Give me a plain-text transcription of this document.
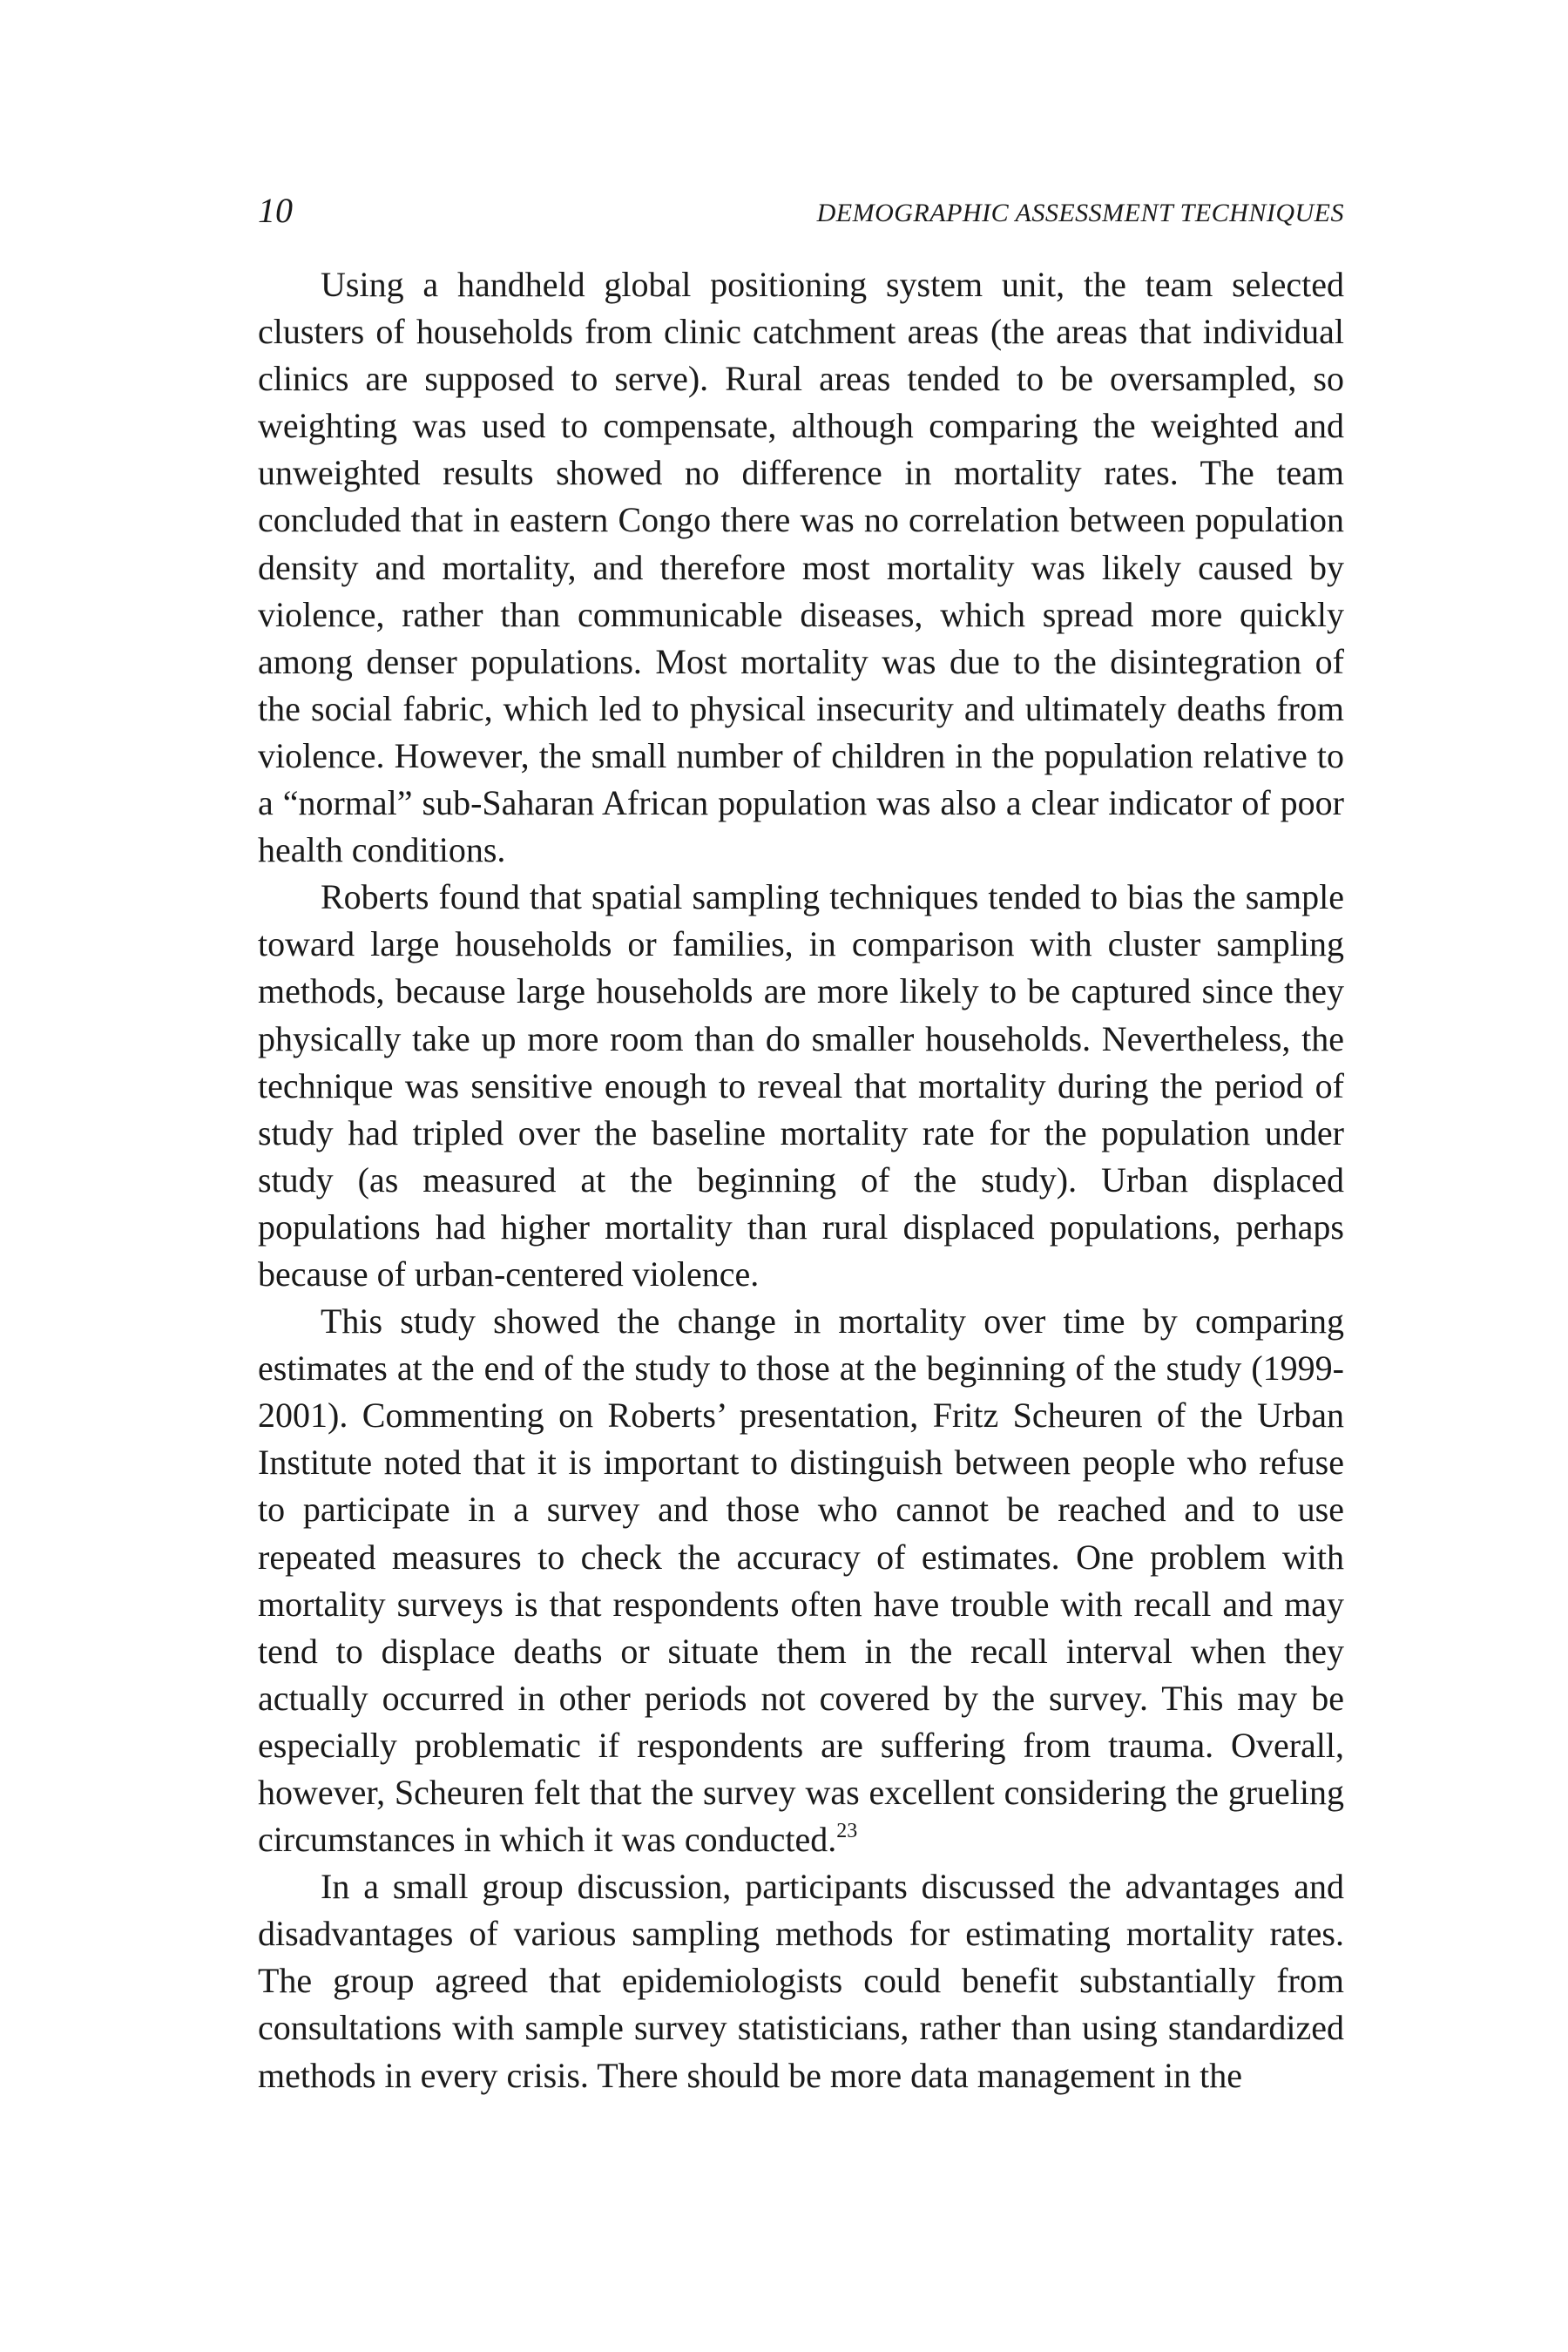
10	DEMOGRAPHIC ASSESSMENT TECHNIQUES

Using a handheld global positioning system unit, the team selected clusters of households from clinic catchment areas (the areas that individual clinics are supposed to serve). Rural areas tended to be oversampled, so weighting was used to compensate, although comparing the weighted and unweighted results showed no difference in mortality rates. The team concluded that in eastern Congo there was no correlation between population density and mortality, and therefore most mortality was likely caused by violence, rather than communicable diseases, which spread more quickly among denser populations. Most mortality was due to the disintegration of the social fabric, which led to physical insecurity and ultimately deaths from violence. However, the small number of children in the population relative to a “normal” sub-Saharan African population was also a clear indicator of poor health conditions.

Roberts found that spatial sampling techniques tended to bias the sample toward large households or families, in comparison with cluster sampling methods, because large households are more likely to be captured since they physically take up more room than do smaller households. Nevertheless, the technique was sensitive enough to reveal that mortality during the period of study had tripled over the baseline mortality rate for the population under study (as measured at the beginning of the study). Urban displaced populations had higher mortality than rural displaced populations, perhaps because of urban-centered violence.

This study showed the change in mortality over time by comparing estimates at the end of the study to those at the beginning of the study (1999-2001). Commenting on Roberts’ presentation, Fritz Scheuren of the Urban Institute noted that it is important to distinguish between people who refuse to participate in a survey and those who cannot be reached and to use repeated measures to check the accuracy of estimates. One problem with mortality surveys is that respondents often have trouble with recall and may tend to displace deaths or situate them in the recall interval when they actually occurred in other periods not covered by the survey. This may be especially problematic if respondents are suffering from trauma. Overall, however, Scheuren felt that the survey was excellent considering the grueling circumstances in which it was conducted.$^{23}$

In a small group discussion, participants discussed the advantages and disadvantages of various sampling methods for estimating mortality rates. The group agreed that epidemiologists could benefit substantially from consultations with sample survey statisticians, rather than using standardized methods in every crisis. There should be more data management in the
